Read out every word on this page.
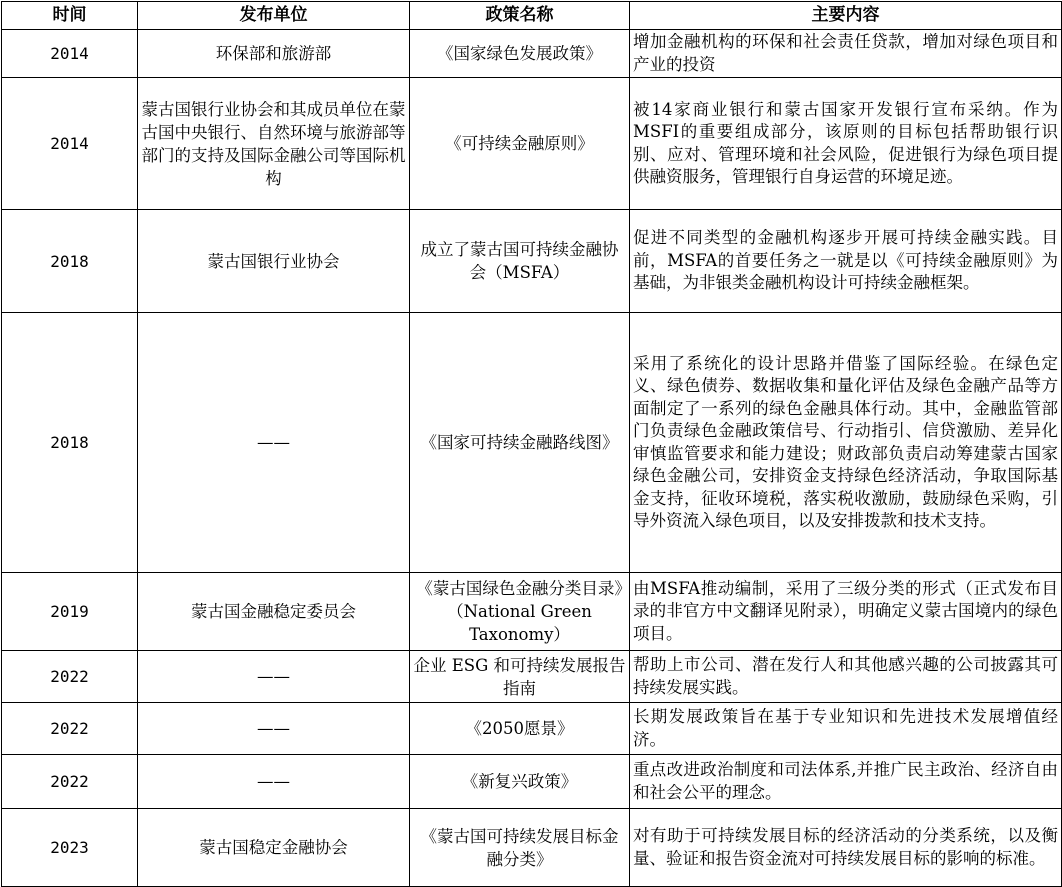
时间	发布单位	政策名称	主要内容
2014	环保部和旅游部	《国家绿色发展政策》	增加金融机构的环保和社会责任贷款，增加对绿色项目和产业的投资
2014	蒙古国银行业协会和其成员单位在蒙古国中央银行、自然环境与旅游部等部门的支持及国际金融公司等国际机构	《可持续金融原则》	被14家商业银行和蒙古国家开发银行宣布采纳。作为MSFI的重要组成部分，该原则的目标包括帮助银行识别、应对、管理环境和社会风险，促进银行为绿色项目提供融资服务，管理银行自身运营的环境足迹。
2018	蒙古国银行业协会	成立了蒙古国可持续金融协会（MSFA）	促进不同类型的金融机构逐步开展可持续金融实践。目前，MSFA的首要任务之一就是以《可持续金融原则》为基础，为非银类金融机构设计可持续金融框架。
2018	——	《国家可持续金融路线图》	采用了系统化的设计思路并借鉴了国际经验。在绿色定义、绿色债券、数据收集和量化评估及绿色金融产品等方面制定了一系列的绿色金融具体行动。其中，金融监管部门负责绿色金融政策信号、行动指引、信贷激励、差异化审慎监管要求和能力建设；财政部负责启动筹建蒙古国家绿色金融公司，安排资金支持绿色经济活动，争取国际基金支持，征收环境税，落实税收激励，鼓励绿色采购，引导外资流入绿色项目，以及安排拨款和技术支持。
2019	蒙古国金融稳定委员会	《蒙古国绿色金融分类目录》（National Green Taxonomy）	由MSFA推动编制，采用了三级分类的形式（正式发布目录的非官方中文翻译见附录），明确定义蒙古国境内的绿色项目。
2022	——	企业 ESG 和可持续发展报告指南	帮助上市公司、潜在发行人和其他感兴趣的公司披露其可持续发展实践。
2022	——	《2050愿景》	长期发展政策旨在基于专业知识和先进技术发展增值经济。
2022	——	《新复兴政策》	重点改进政治制度和司法体系,并推广民主政治、经济自由和社会公平的理念。
2023	蒙古国稳定金融协会	《蒙古国可持续发展目标金融分类》	对有助于可持续发展目标的经济活动的分类系统，以及衡量、验证和报告资金流对可持续发展目标的影响的标准。
